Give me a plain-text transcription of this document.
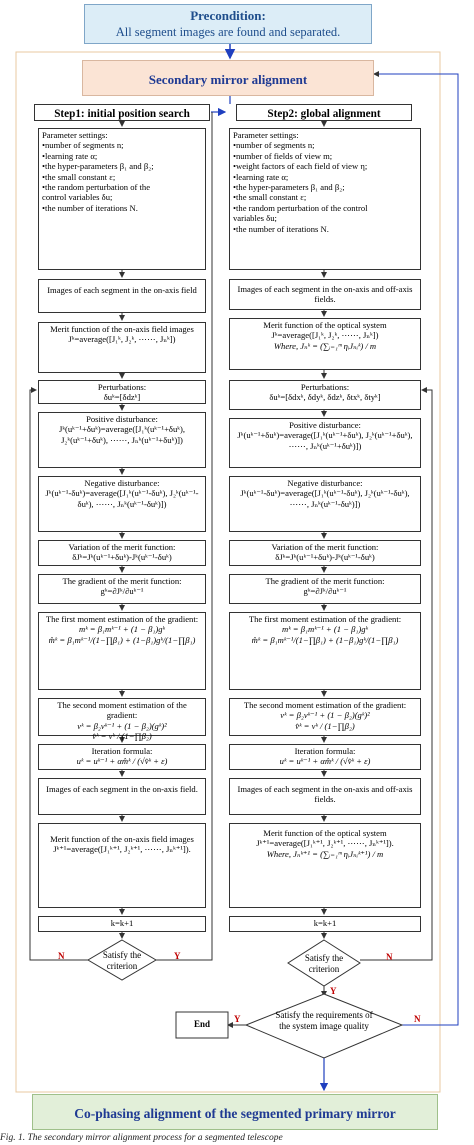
Precondition:
All segment images are found and separated.
Secondary mirror alignment
Step1: initial position search	Step2: global alignment
Parameter settings:
•number of segments n;
•learning rate α;
•the hyper-parameters β₁ and β₂;
•the small constant ε;
•the random perturbation of the
control variables δu;
•the number of iterations N.
Images of each segment in the on-axis field
Merit function of the on-axis field images
Jᵏ=average([J₁ᵏ, J₂ᵏ, ⋯⋯, Jₙᵏ])
Perturbations:
δuᵏ=[δdzᵏ]
Positive disturbance:
Jᵏ(uᵏ⁻¹+δuᵏ)=average([J₁ᵏ(uᵏ⁻¹+δuᵏ), J₂ᵏ(uᵏ⁻¹+δuᵏ), ⋯⋯, Jₙᵏ(uᵏ⁻¹+δuᵏ)])
Negative disturbance:
Jᵏ(uᵏ⁻¹-δuᵏ)=average([J₁ᵏ(uᵏ⁻¹-δuᵏ), J₂ᵏ(uᵏ⁻¹-δuᵏ), ⋯⋯, Jₙᵏ(uᵏ⁻¹-δuᵏ)])
Variation of the merit function:
δJᵏ=Jᵏ(uᵏ⁻¹+δuᵏ)-Jᵏ(uᵏ⁻¹-δuᵏ)
The gradient of the merit function:
gᵏ=∂Jᵏ/∂uᵏ⁻¹
The first moment estimation of the gradient:
mᵏ = β₁mᵏ⁻¹ + (1 − β₁)gᵏ
m̂ᵏ = β₁mᵏ⁻¹/(1−∏β₁) + (1−β₁)gᵏ/(1−∏β₁)
The second moment estimation of the gradient:
vᵏ = β₂vᵏ⁻¹ + (1 − β₂)(gᵏ)²
v̂ᵏ = vᵏ / (1−∏β₂)
Iteration formula:
uᵏ = uᵏ⁻¹ + αm̂ᵏ / (√v̂ᵏ + ε)
Images of each segment in the on-axis field.
Merit function of the on-axis field images
Jᵏ⁺¹=average([J₁ᵏ⁺¹, J₂ᵏ⁺¹, ⋯⋯, Jₙᵏ⁺¹]).
k=k+1
Satisfy the criterion
N	Y
Parameter settings:
•number of segments n;
•number of fields of view m;
•weight factors of each field of view η;
•learning rate α;
•the hyper-parameters β₁ and β₂;
•the small constant ε;
•the random perturbation of the control
variables δu;
•the number of iterations N.
Images of each segment in the on-axis and off-axis fields.
Merit function of the optical system
Jᵏ=average([J₁ᵏ, J₂ᵏ, ⋯⋯, Jₙᵏ])
Where, Jₙᵏ = (∑ᵢ₌₁ᵐ ηᵢJₙᵢᵏ) / m
Perturbations:
δuᵏ=[δdxᵏ, δdyᵏ, δdzᵏ, δtxᵏ, δtyᵏ]
Positive disturbance:
Jᵏ(uᵏ⁻¹+δuᵏ)=average([J₁ᵏ(uᵏ⁻¹+δuᵏ), J₂ᵏ(uᵏ⁻¹+δuᵏ), ⋯⋯, Jₙᵏ(uᵏ⁻¹+δuᵏ)])
Negative disturbance:
Jᵏ(uᵏ⁻¹-δuᵏ)=average([J₁ᵏ(uᵏ⁻¹-δuᵏ), J₂ᵏ(uᵏ⁻¹-δuᵏ), ⋯⋯, Jₙᵏ(uᵏ⁻¹-δuᵏ)])
Variation of the merit function:
δJᵏ=Jᵏ(uᵏ⁻¹+δuᵏ)-Jᵏ(uᵏ⁻¹-δuᵏ)
The gradient of the merit function:
gᵏ=∂Jᵏ/∂uᵏ⁻¹
The first moment estimation of the gradient:
mᵏ = β₁mᵏ⁻¹ + (1 − β₁)gᵏ
m̂ᵏ = β₁mᵏ⁻¹/(1−∏β₁) + (1−β₁)gᵏ/(1−∏β₁)
The second moment estimation of the gradient:
vᵏ = β₂vᵏ⁻¹ + (1 − β₂)(gᵏ)²
v̂ᵏ = vᵏ / (1−∏β₂)
Iteration formula:
uᵏ = uᵏ⁻¹ + αm̂ᵏ / (√v̂ᵏ + ε)
Images of each segment in the on-axis and off-axis fields.
Merit function of the optical system
Jᵏ⁺¹=average([J₁ᵏ⁺¹, J₂ᵏ⁺¹, ⋯⋯, Jₙᵏ⁺¹]).
Where, Jₙᵏ⁺¹ = (∑ᵢ₌₁ᵐ ηᵢJₙᵢᵏ⁺¹) / m
k=k+1
Satisfy the criterion
N
Y
Satisfy the requirements of the system image quality
Y	N
End
Co-phasing alignment of the segmented primary mirror
Fig. 1. The secondary mirror alignment process for a segmented telescope
